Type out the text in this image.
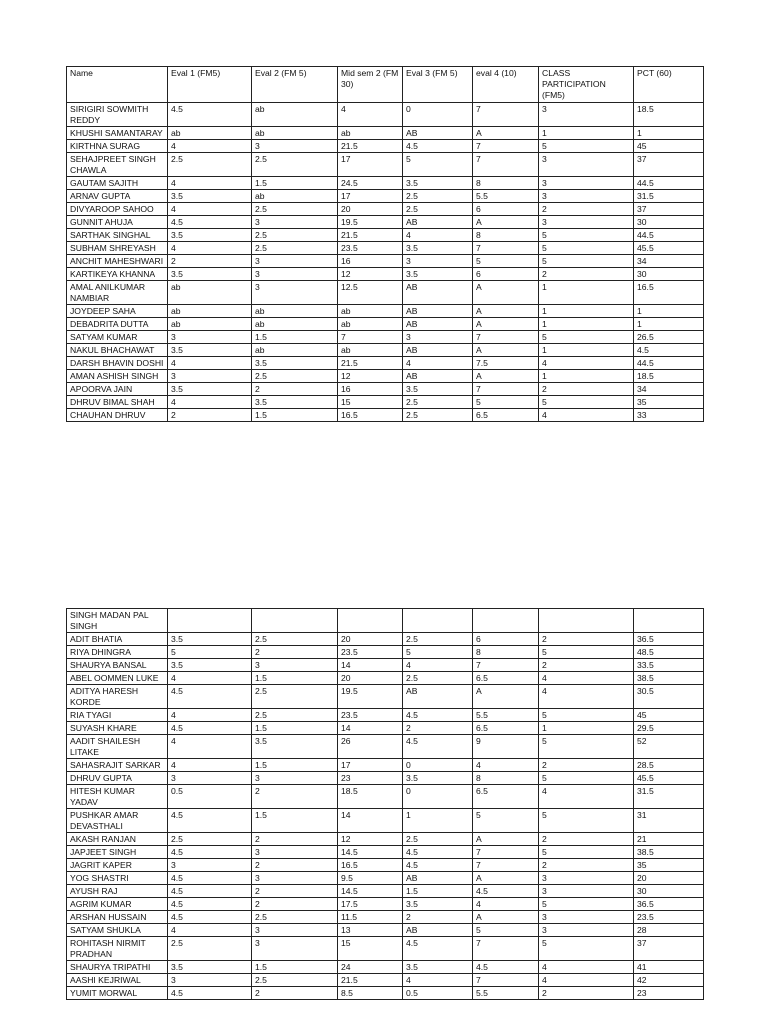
Name	Eval 1 (FM5)	Eval 2 (FM 5)	Mid sem 2 (FM 30)	Eval 3 (FM 5)	eval 4 (10)	CLASS PARTICIPATION (FM5)	PCT (60)
SIRIGIRI SOWMITH REDDY	4.5	ab	4	0	7	3	18.5
KHUSHI SAMANTARAY	ab	ab	ab	AB	A	1	1
KIRTHNA SURAG	4	3	21.5	4.5	7	5	45
SEHAJPREET SINGH CHAWLA	2.5	2.5	17	5	7	3	37
GAUTAM SAJITH	4	1.5	24.5	3.5	8	3	44.5
ARNAV GUPTA	3.5	ab	17	2.5	5.5	3	31.5
DIVYAROOP SAHOO	4	2.5	20	2.5	6	2	37
GUNNIT AHUJA	4.5	3	19.5	AB	A	3	30
SARTHAK SINGHAL	3.5	2.5	21.5	4	8	5	44.5
SUBHAM SHREYASH	4	2.5	23.5	3.5	7	5	45.5
ANCHIT MAHESHWARI	2	3	16	3	5	5	34
KARTIKEYA KHANNA	3.5	3	12	3.5	6	2	30
AMAL ANILKUMAR NAMBIAR	ab	3	12.5	AB	A	1	16.5
JOYDEEP SAHA	ab	ab	ab	AB	A	1	1
DEBADRITA DUTTA	ab	ab	ab	AB	A	1	1
SATYAM KUMAR	3	1.5	7	3	7	5	26.5
NAKUL BHACHAWAT	3.5	ab	ab	AB	A	1	4.5
DARSH BHAVIN DOSHI	4	3.5	21.5	4	7.5	4	44.5
AMAN ASHISH SINGH	3	2.5	12	AB	A	1	18.5
APOORVA JAIN	3.5	2	16	3.5	7	2	34
DHRUV BIMAL SHAH	4	3.5	15	2.5	5	5	35
CHAUHAN DHRUV	2	1.5	16.5	2.5	6.5	4	33
SINGH MADAN PAL SINGH							
ADIT BHATIA	3.5	2.5	20	2.5	6	2	36.5
RIYA DHINGRA	5	2	23.5	5	8	5	48.5
SHAURYA BANSAL	3.5	3	14	4	7	2	33.5
ABEL OOMMEN LUKE	4	1.5	20	2.5	6.5	4	38.5
ADITYA HARESH KORDE	4.5	2.5	19.5	AB	A	4	30.5
RIA TYAGI	4	2.5	23.5	4.5	5.5	5	45
SUYASH KHARE	4.5	1.5	14	2	6.5	1	29.5
AADIT SHAILESH LITAKE	4	3.5	26	4.5	9	5	52
SAHASRAJIT SARKAR	4	1.5	17	0	4	2	28.5
DHRUV GUPTA	3	3	23	3.5	8	5	45.5
HITESH KUMAR YADAV	0.5	2	18.5	0	6.5	4	31.5
PUSHKAR AMAR DEVASTHALI	4.5	1.5	14	1	5	5	31
AKASH RANJAN	2.5	2	12	2.5	A	2	21
JAPJEET SINGH	4.5	3	14.5	4.5	7	5	38.5
JAGRIT KAPER	3	2	16.5	4.5	7	2	35
YOG SHASTRI	4.5	3	9.5	AB	A	3	20
AYUSH RAJ	4.5	2	14.5	1.5	4.5	3	30
AGRIM KUMAR	4.5	2	17.5	3.5	4	5	36.5
ARSHAN HUSSAIN	4.5	2.5	11.5	2	A	3	23.5
SATYAM SHUKLA	4	3	13	AB	5	3	28
ROHITASH NIRMIT PRADHAN	2.5	3	15	4.5	7	5	37
SHAURYA TRIPATHI	3.5	1.5	24	3.5	4.5	4	41
AASHI KEJRIWAL	3	2.5	21.5	4	7	4	42
YUMIT MORWAL	4.5	2	8.5	0.5	5.5	2	23
